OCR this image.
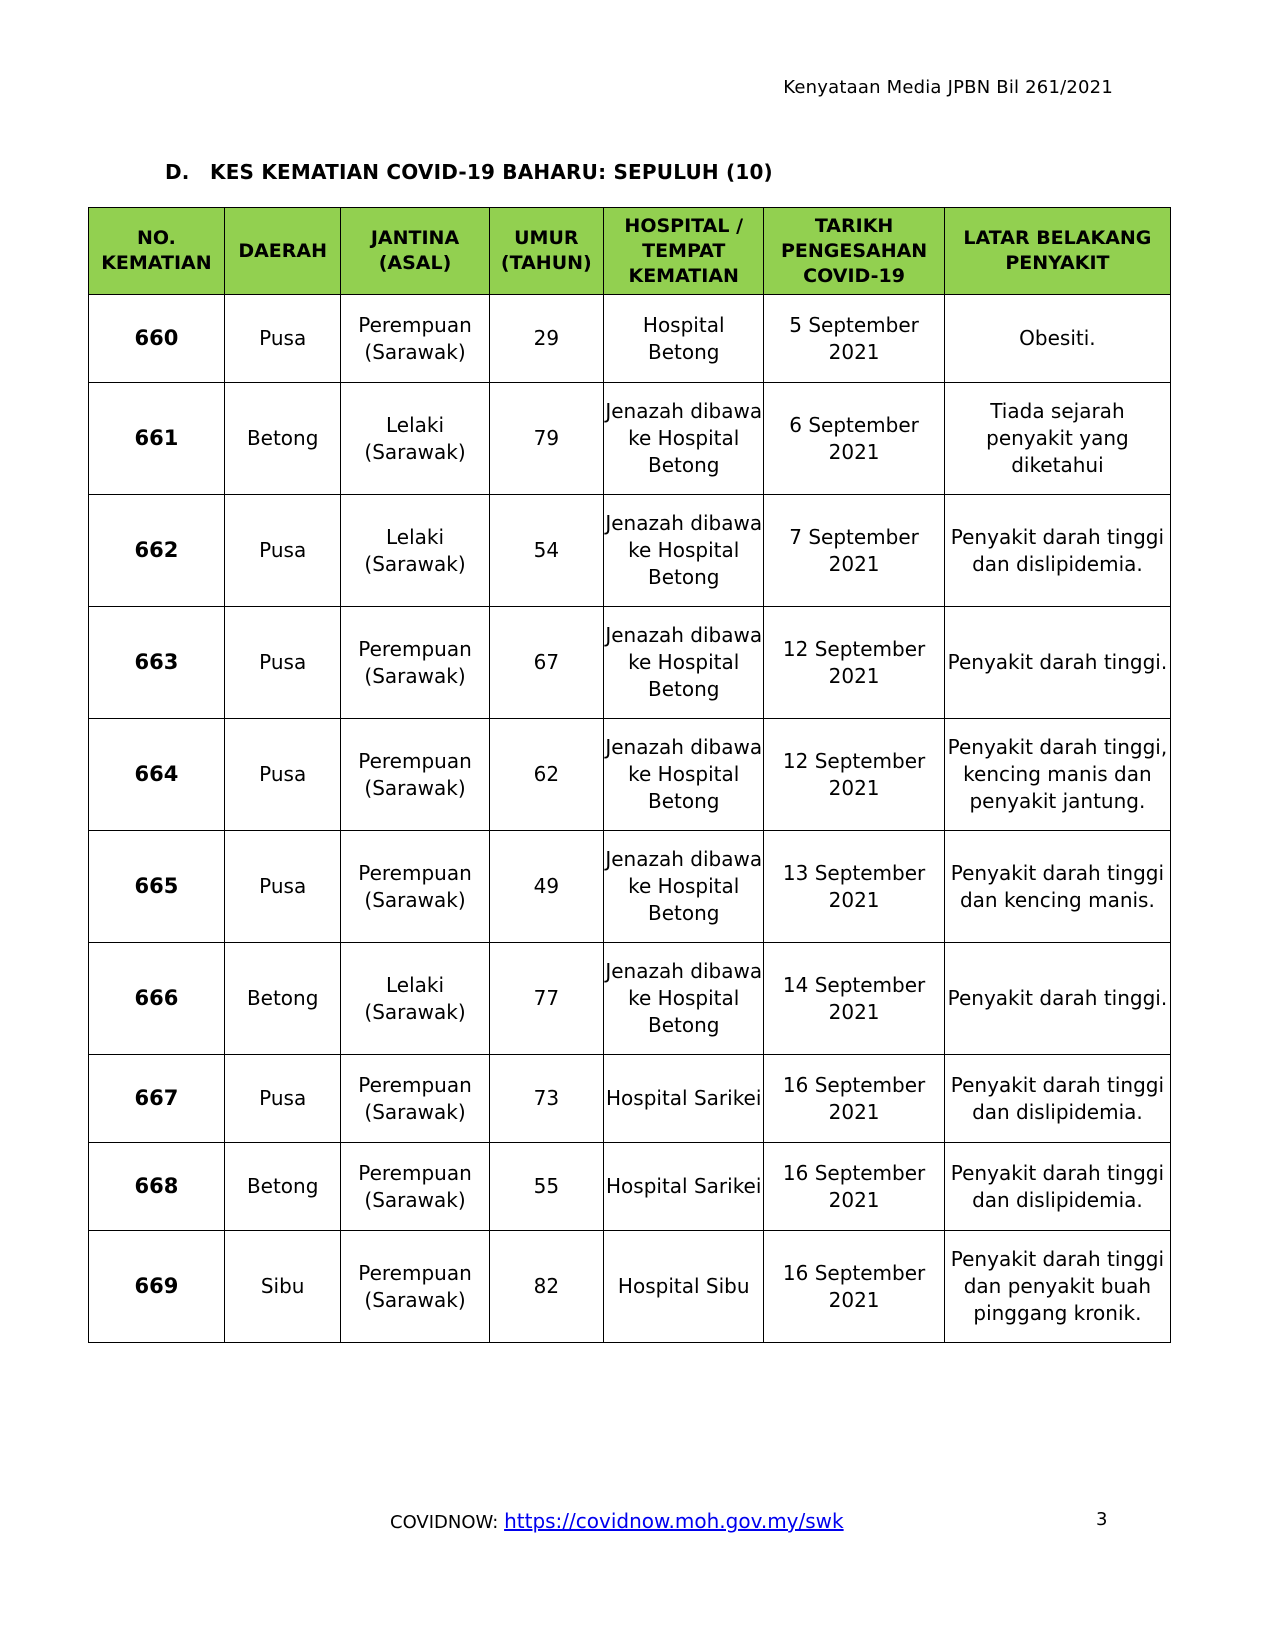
Kenyataan Media JPBN Bil 261/2021
D. KES KEMATIAN COVID-19 BAHARU: SEPULUH (10)
NO. KEMATIAN	DAERAH	JANTINA (ASAL)	UMUR (TAHUN)	HOSPITAL / TEMPAT KEMATIAN	TARIKH PENGESAHAN COVID-19	LATAR BELAKANG PENYAKIT
660	Pusa	Perempuan (Sarawak)	29	Hospital Betong	5 September 2021	Obesiti.
661	Betong	Lelaki (Sarawak)	79	Jenazah dibawa ke Hospital Betong	6 September 2021	Tiada sejarah penyakit yang diketahui
662	Pusa	Lelaki (Sarawak)	54	Jenazah dibawa ke Hospital Betong	7 September 2021	Penyakit darah tinggi dan dislipidemia.
663	Pusa	Perempuan (Sarawak)	67	Jenazah dibawa ke Hospital Betong	12 September 2021	Penyakit darah tinggi.
664	Pusa	Perempuan (Sarawak)	62	Jenazah dibawa ke Hospital Betong	12 September 2021	Penyakit darah tinggi, kencing manis dan penyakit jantung.
665	Pusa	Perempuan (Sarawak)	49	Jenazah dibawa ke Hospital Betong	13 September 2021	Penyakit darah tinggi dan kencing manis.
666	Betong	Lelaki (Sarawak)	77	Jenazah dibawa ke Hospital Betong	14 September 2021	Penyakit darah tinggi.
667	Pusa	Perempuan (Sarawak)	73	Hospital Sarikei	16 September 2021	Penyakit darah tinggi dan dislipidemia.
668	Betong	Perempuan (Sarawak)	55	Hospital Sarikei	16 September 2021	Penyakit darah tinggi dan dislipidemia.
669	Sibu	Perempuan (Sarawak)	82	Hospital Sibu	16 September 2021	Penyakit darah tinggi dan penyakit buah pinggang kronik.
COVIDNOW: https://covidnow.moh.gov.my/swk	3
